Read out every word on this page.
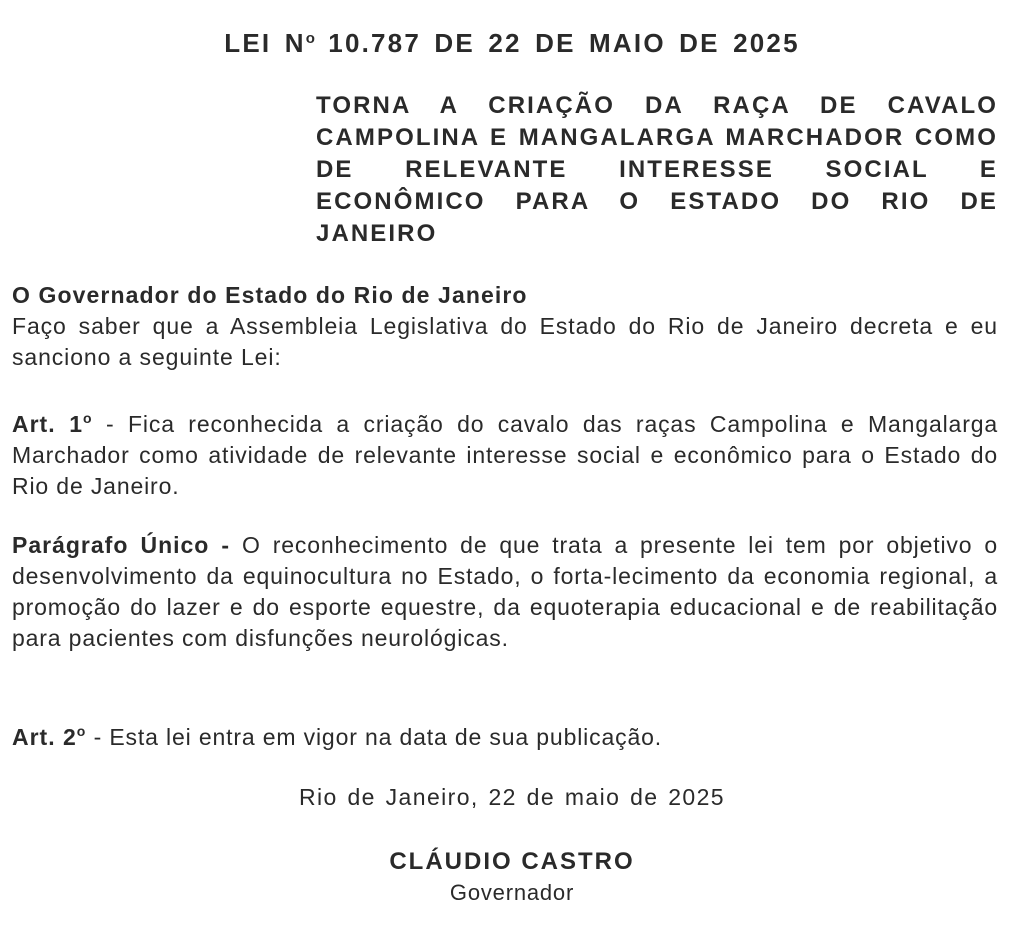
LEI $N^o$ 10.787 DE 22 DE MAIO DE 2025
TORNA A CRIAÇÃO DA RAÇA DE CAVALO CAMPOLINA E MANGALARGA MARCHADOR COMO DE RELEVANTE INTERESSE SOCIAL E ECONÔMICO PARA O ESTADO DO RIO DE JANEIRO
O Governador do Estado do Rio de Janeiro
Faço saber que a Assembleia Legislativa do Estado do Rio de Janeiro decreta e eu sanciono a seguinte Lei:
Art. 1$^o$ - Fica reconhecida a criação do cavalo das raças Campolina e Mangalarga Marchador como atividade de relevante interesse social e econômico para o Estado do Rio de Janeiro.
Parágrafo Único - O reconhecimento de que trata a presente lei tem por objetivo o desenvolvimento da equinocultura no Estado, o forta-lecimento da economia regional, a promoção do lazer e do esporte equestre, da equoterapia educacional e de reabilitação para pacientes com disfunções neurológicas.
Art. 2$^o$ - Esta lei entra em vigor na data de sua publicação.
Rio de Janeiro, 22 de maio de 2025
CLÁUDIO CASTRO
Governador
